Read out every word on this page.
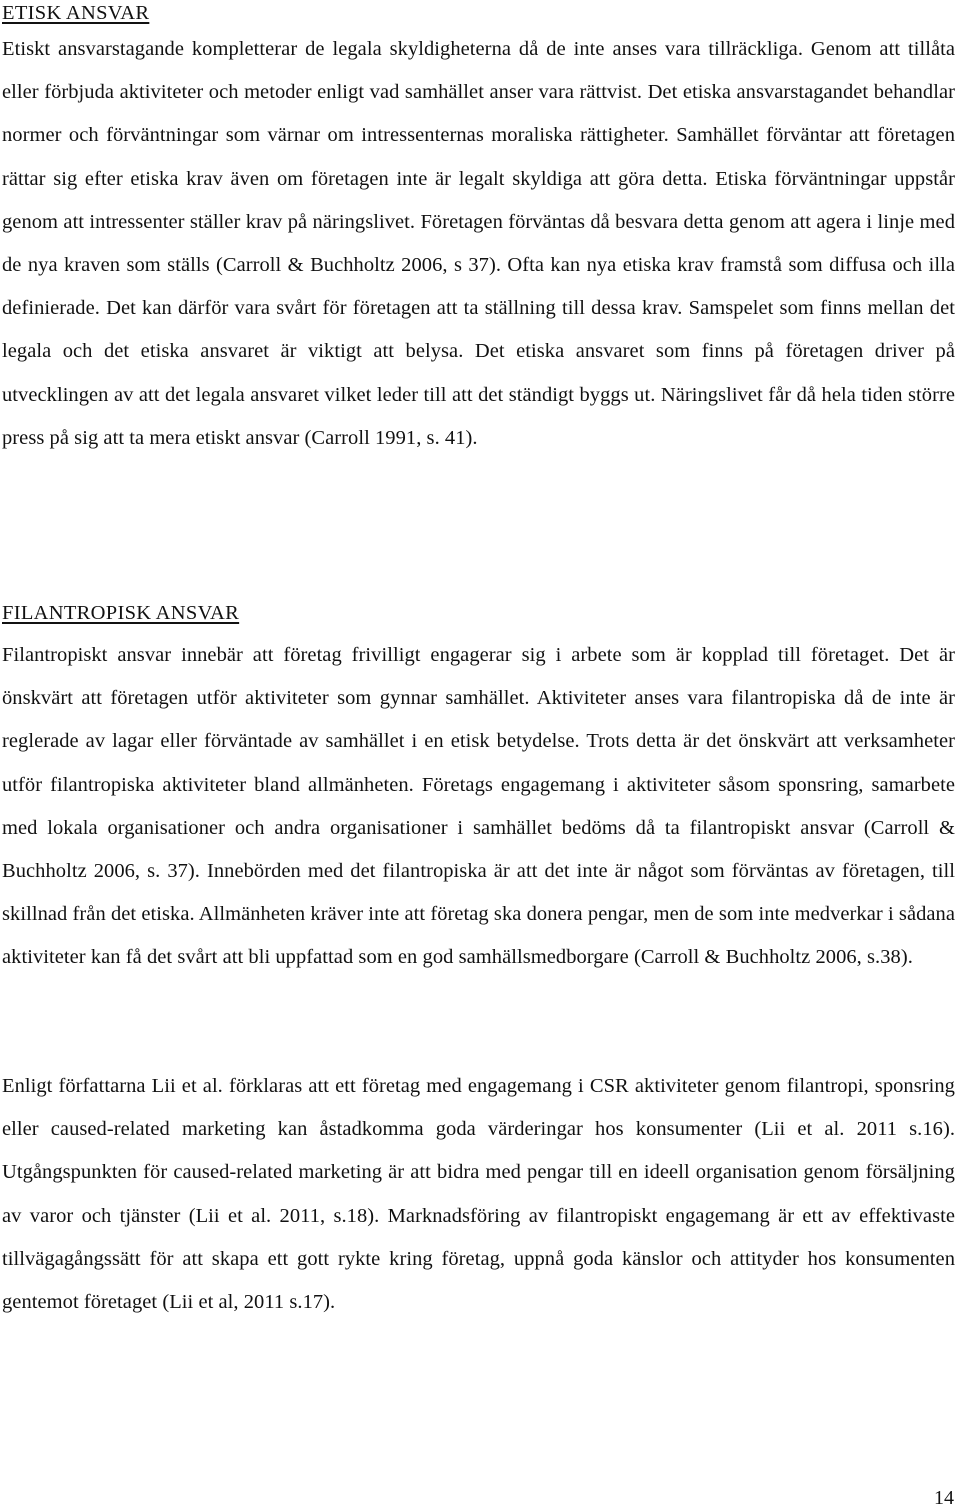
ETISK ANSVAR
Etiskt ansvarstagande kompletterar de legala skyldigheterna då de inte anses vara tillräckliga. Genom att tillåta eller förbjuda aktiviteter och metoder enligt vad samhället anser vara rättvist. Det etiska ansvarstagandet behandlar normer och förväntningar som värnar om intressenternas moraliska rättigheter. Samhället förväntar att företagen rättar sig efter etiska krav även om företagen inte är legalt skyldiga att göra detta. Etiska förväntningar uppstår genom att intressenter ställer krav på näringslivet. Företagen förväntas då besvara detta genom att agera i linje med de nya kraven som ställs (Carroll & Buchholtz 2006, s 37). Ofta kan nya etiska krav framstå som diffusa och illa definierade. Det kan därför vara svårt för företagen att ta ställning till dessa krav. Samspelet som finns mellan det legala och det etiska ansvaret är viktigt att belysa. Det etiska ansvaret som finns på företagen driver på utvecklingen av att det legala ansvaret vilket leder till att det ständigt byggs ut. Näringslivet får då hela tiden större press på sig att ta mera etiskt ansvar (Carroll 1991, s. 41).
FILANTROPISK ANSVAR
Filantropiskt ansvar innebär att företag frivilligt engagerar sig i arbete som är kopplad till företaget. Det är önskvärt att företagen utför aktiviteter som gynnar samhället. Aktiviteter anses vara filantropiska då de inte är reglerade av lagar eller förväntade av samhället i en etisk betydelse. Trots detta är det önskvärt att verksamheter utför filantropiska aktiviteter bland allmänheten. Företags engagemang i aktiviteter såsom sponsring, samarbete med lokala organisationer och andra organisationer i samhället bedöms då ta filantropiskt ansvar (Carroll & Buchholtz 2006, s. 37). Innebörden med det filantropiska är att det inte är något som förväntas av företagen, till skillnad från det etiska. Allmänheten kräver inte att företag ska donera pengar, men de som inte medverkar i sådana aktiviteter kan få det svårt att bli uppfattad som en god samhällsmedborgare (Carroll & Buchholtz 2006, s.38).
Enligt författarna Lii et al. förklaras att ett företag med engagemang i CSR aktiviteter genom filantropi, sponsring eller caused-related marketing kan åstadkomma goda värderingar hos konsumenter (Lii et al. 2011 s.16). Utgångspunkten för caused-related marketing är att bidra med pengar till en ideell organisation genom försäljning av varor och tjänster (Lii et al. 2011, s.18). Marknadsföring av filantropiskt engagemang är ett av effektivaste tillvägagångssätt för att skapa ett gott rykte kring företag, uppnå goda känslor och attityder hos konsumenten gentemot företaget (Lii et al, 2011 s.17).
14
